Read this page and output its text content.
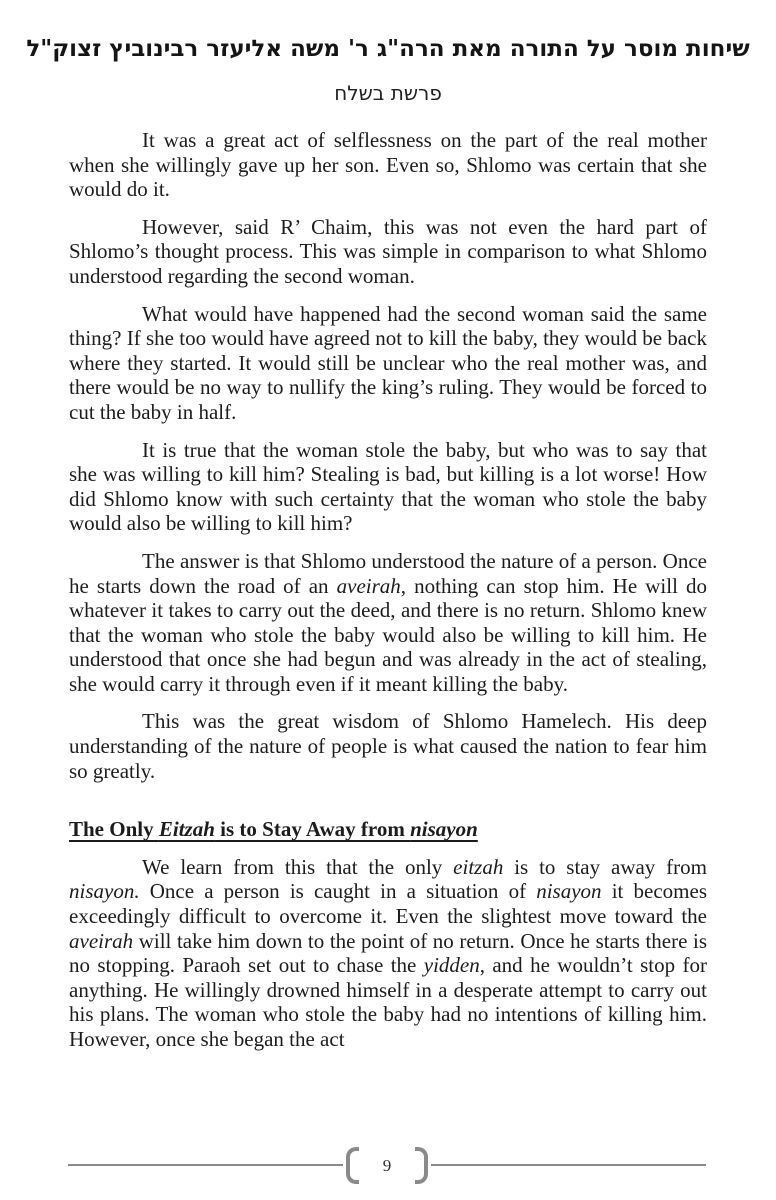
שיחות מוסר על התורה מאת הרה"ג ר' משה אליעזר רבינוביץ זצוק"ל
פרשת בשלח

It was a great act of selflessness on the part of the real mother when she willingly gave up her son. Even so, Shlomo was certain that she would do it.

However, said R’ Chaim, this was not even the hard part of Shlomo’s thought process. This was simple in comparison to what Shlomo understood regarding the second woman.

What would have happened had the second woman said the same thing? If she too would have agreed not to kill the baby, they would be back where they started. It would still be unclear who the real mother was, and there would be no way to nullify the king’s ruling. They would be forced to cut the baby in half.

It is true that the woman stole the baby, but who was to say that she was willing to kill him? Stealing is bad, but killing is a lot worse! How did Shlomo know with such certainty that the woman who stole the baby would also be willing to kill him?

The answer is that Shlomo understood the nature of a person. Once he starts down the road of an aveirah, nothing can stop him. He will do whatever it takes to carry out the deed, and there is no return. Shlomo knew that the woman who stole the baby would also be willing to kill him. He understood that once she had begun and was already in the act of stealing, she would carry it through even if it meant killing the baby.

This was the great wisdom of Shlomo Hamelech. His deep understanding of the nature of people is what caused the nation to fear him so greatly.

The Only Eitzah is to Stay Away from nisayon

We learn from this that the only eitzah is to stay away from nisayon. Once a person is caught in a situation of nisayon it becomes exceedingly difficult to overcome it. Even the slightest move toward the aveirah will take him down to the point of no return. Once he starts there is no stopping. Paraoh set out to chase the yidden, and he wouldn’t stop for anything. He willingly drowned himself in a desperate attempt to carry out his plans. The woman who stole the baby had no intentions of killing him. However, once she began the act

9
